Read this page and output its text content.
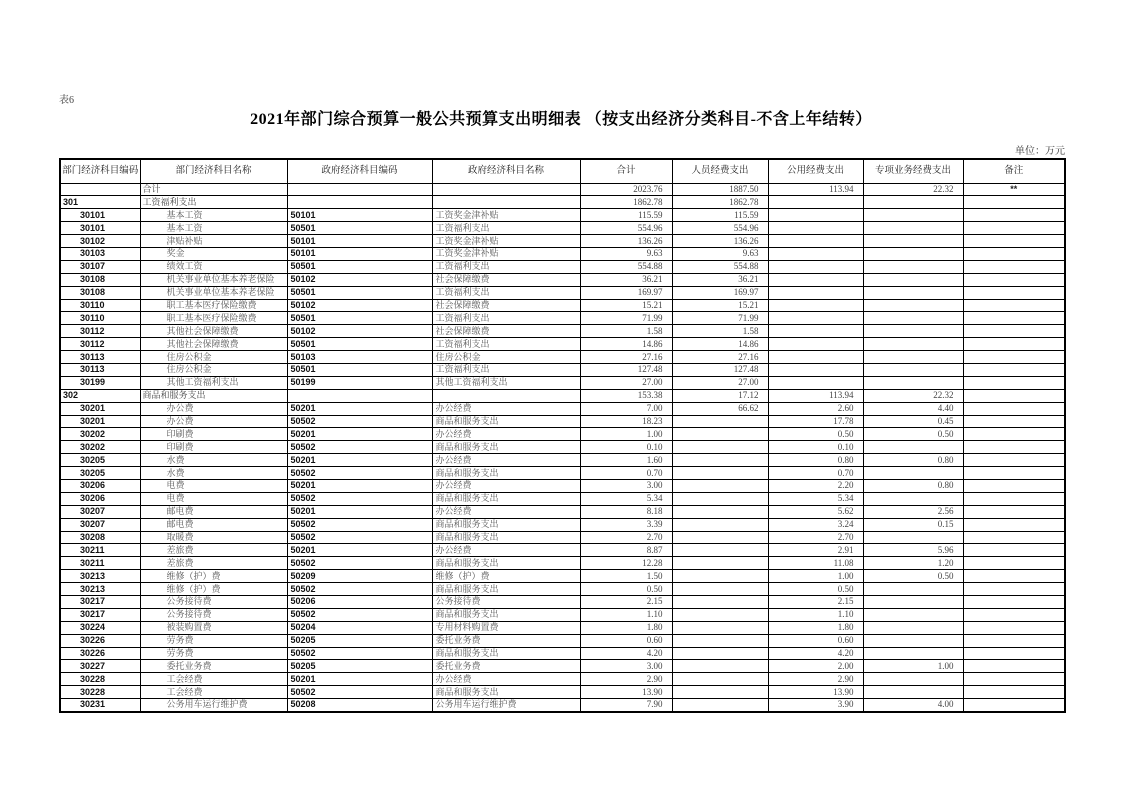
表6
2021年部门综合预算一般公共预算支出明细表 （按支出经济分类科目-不含上年结转）
单位：万元
部门经济科目编码	部门经济科目名称	政府经济科目编码	政府经济科目名称	合计	人员经费支出	公用经费支出	专项业务经费支出	备注
	合计			2023.76	1887.50	113.94	22.32	**
301	工资福利支出			1862.78	1862.78			
30101	基本工资	50101	工资奖金津补贴	115.59	115.59			
30101	基本工资	50501	工资福利支出	554.96	554.96			
30102	津贴补贴	50101	工资奖金津补贴	136.26	136.26			
30103	奖金	50101	工资奖金津补贴	9.63	9.63			
30107	绩效工资	50501	工资福利支出	554.88	554.88			
30108	机关事业单位基本养老保险	50102	社会保障缴费	36.21	36.21			
30108	机关事业单位基本养老保险	50501	工资福利支出	169.97	169.97			
30110	职工基本医疗保险缴费	50102	社会保障缴费	15.21	15.21			
30110	职工基本医疗保险缴费	50501	工资福利支出	71.99	71.99			
30112	其他社会保障缴费	50102	社会保障缴费	1.58	1.58			
30112	其他社会保障缴费	50501	工资福利支出	14.86	14.86			
30113	住房公积金	50103	住房公积金	27.16	27.16			
30113	住房公积金	50501	工资福利支出	127.48	127.48			
30199	其他工资福利支出	50199	其他工资福利支出	27.00	27.00			
302	商品和服务支出			153.38	17.12	113.94	22.32	
30201	办公费	50201	办公经费	7.00	66.62	2.60	4.40	
30201	办公费	50502	商品和服务支出	18.23		17.78	0.45	
30202	印刷费	50201	办公经费	1.00		0.50	0.50	
30202	印刷费	50502	商品和服务支出	0.10		0.10		
30205	水费	50201	办公经费	1.60		0.80	0.80	
30205	水费	50502	商品和服务支出	0.70		0.70		
30206	电费	50201	办公经费	3.00		2.20	0.80	
30206	电费	50502	商品和服务支出	5.34		5.34		
30207	邮电费	50201	办公经费	8.18		5.62	2.56	
30207	邮电费	50502	商品和服务支出	3.39		3.24	0.15	
30208	取暖费	50502	商品和服务支出	2.70		2.70		
30211	差旅费	50201	办公经费	8.87		2.91	5.96	
30211	差旅费	50502	商品和服务支出	12.28		11.08	1.20	
30213	维修（护）费	50209	维修（护）费	1.50		1.00	0.50	
30213	维修（护）费	50502	商品和服务支出	0.50		0.50		
30217	公务接待费	50206	公务接待费	2.15		2.15		
30217	公务接待费	50502	商品和服务支出	1.10		1.10		
30224	被装购置费	50204	专用材料购置费	1.80		1.80		
30226	劳务费	50205	委托业务费	0.60		0.60		
30226	劳务费	50502	商品和服务支出	4.20		4.20		
30227	委托业务费	50205	委托业务费	3.00		2.00	1.00	
30228	工会经费	50201	办公经费	2.90		2.90		
30228	工会经费	50502	商品和服务支出	13.90		13.90		
30231	公务用车运行维护费	50208	公务用车运行维护费	7.90		3.90	4.00	
